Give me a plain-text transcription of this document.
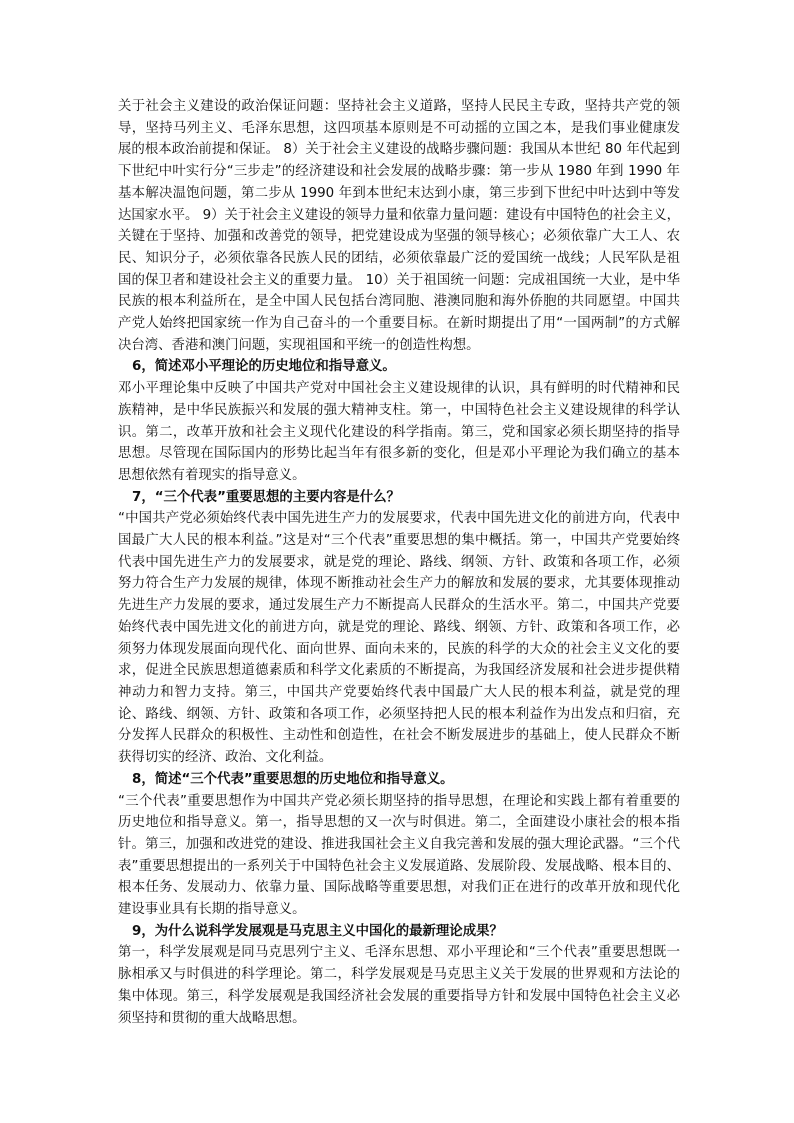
关于社会主义建设的政治保证问题：坚持社会主义道路，坚持人民民主专政，坚持共产党的领导，坚持马列主义、毛泽东思想，这四项基本原则是不可动摇的立国之本，是我们事业健康发展的根本政治前提和保证。 8）关于社会主义建设的战略步骤问题：我国从本世纪 80 年代起到下世纪中叶实行分“三步走”的经济建设和社会发展的战略步骤：第一步从 1980 年到 1990 年基本解决温饱问题，第二步从 1990 年到本世纪末达到小康，第三步到下世纪中叶达到中等发达国家水平。 9）关于社会主义建设的领导力量和依靠力量问题：建设有中国特色的社会主义，关键在于坚持、加强和改善党的领导，把党建设成为坚强的领导核心；必须依靠广大工人、农民、知识分子，必须依靠各民族人民的团结，必须依靠最广泛的爱国统一战线；人民军队是祖国的保卫者和建设社会主义的重要力量。 10）关于祖国统一问题：完成祖国统一大业，是中华民族的根本利益所在，是全中国人民包括台湾同胞、港澳同胞和海外侨胞的共同愿望。中国共产党人始终把国家统一作为自己奋斗的一个重要目标。在新时期提出了用“一国两制”的方式解决台湾、香港和澳门问题，实现祖国和平统一的创造性构想。

6，简述邓小平理论的历史地位和指导意义。

邓小平理论集中反映了中国共产党对中国社会主义建设规律的认识，具有鲜明的时代精神和民族精神，是中华民族振兴和发展的强大精神支柱。第一，中国特色社会主义建设规律的科学认识。第二，改革开放和社会主义现代化建设的科学指南。第三，党和国家必须长期坚持的指导思想。尽管现在国际国内的形势比起当年有很多新的变化，但是邓小平理论为我们确立的基本思想依然有着现实的指导意义。

7，“三个代表”重要思想的主要内容是什么？

“中国共产党必须始终代表中国先进生产力的发展要求，代表中国先进文化的前进方向，代表中国最广大人民的根本利益。”这是对“三个代表”重要思想的集中概括。第一，中国共产党要始终代表中国先进生产力的发展要求，就是党的理论、路线、纲领、方针、政策和各项工作，必须努力符合生产力发展的规律，体现不断推动社会生产力的解放和发展的要求，尤其要体现推动先进生产力发展的要求，通过发展生产力不断提高人民群众的生活水平。第二，中国共产党要始终代表中国先进文化的前进方向，就是党的理论、路线、纲领、方针、政策和各项工作，必须努力体现发展面向现代化、面向世界、面向未来的，民族的科学的大众的社会主义文化的要求，促进全民族思想道德素质和科学文化素质的不断提高，为我国经济发展和社会进步提供精神动力和智力支持。第三，中国共产党要始终代表中国最广大人民的根本利益，就是党的理论、路线、纲领、方针、政策和各项工作，必须坚持把人民的根本利益作为出发点和归宿，充分发挥人民群众的积极性、主动性和创造性，在社会不断发展进步的基础上，使人民群众不断获得切实的经济、政治、文化利益。

8，简述“三个代表”重要思想的历史地位和指导意义。

“三个代表”重要思想作为中国共产党必须长期坚持的指导思想，在理论和实践上都有着重要的历史地位和指导意义。第一，指导思想的又一次与时俱进。第二，全面建设小康社会的根本指针。第三，加强和改进党的建设、推进我国社会主义自我完善和发展的强大理论武器。“三个代表”重要思想提出的一系列关于中国特色社会主义发展道路、发展阶段、发展战略、根本目的、根本任务、发展动力、依靠力量、国际战略等重要思想，对我们正在进行的改革开放和现代化建设事业具有长期的指导意义。

9，为什么说科学发展观是马克思主义中国化的最新理论成果？

第一，科学发展观是同马克思列宁主义、毛泽东思想、邓小平理论和“三个代表”重要思想既一脉相承又与时俱进的科学理论。第二，科学发展观是马克思主义关于发展的世界观和方法论的集中体现。第三，科学发展观是我国经济社会发展的重要指导方针和发展中国特色社会主义必须坚持和贯彻的重大战略思想。
